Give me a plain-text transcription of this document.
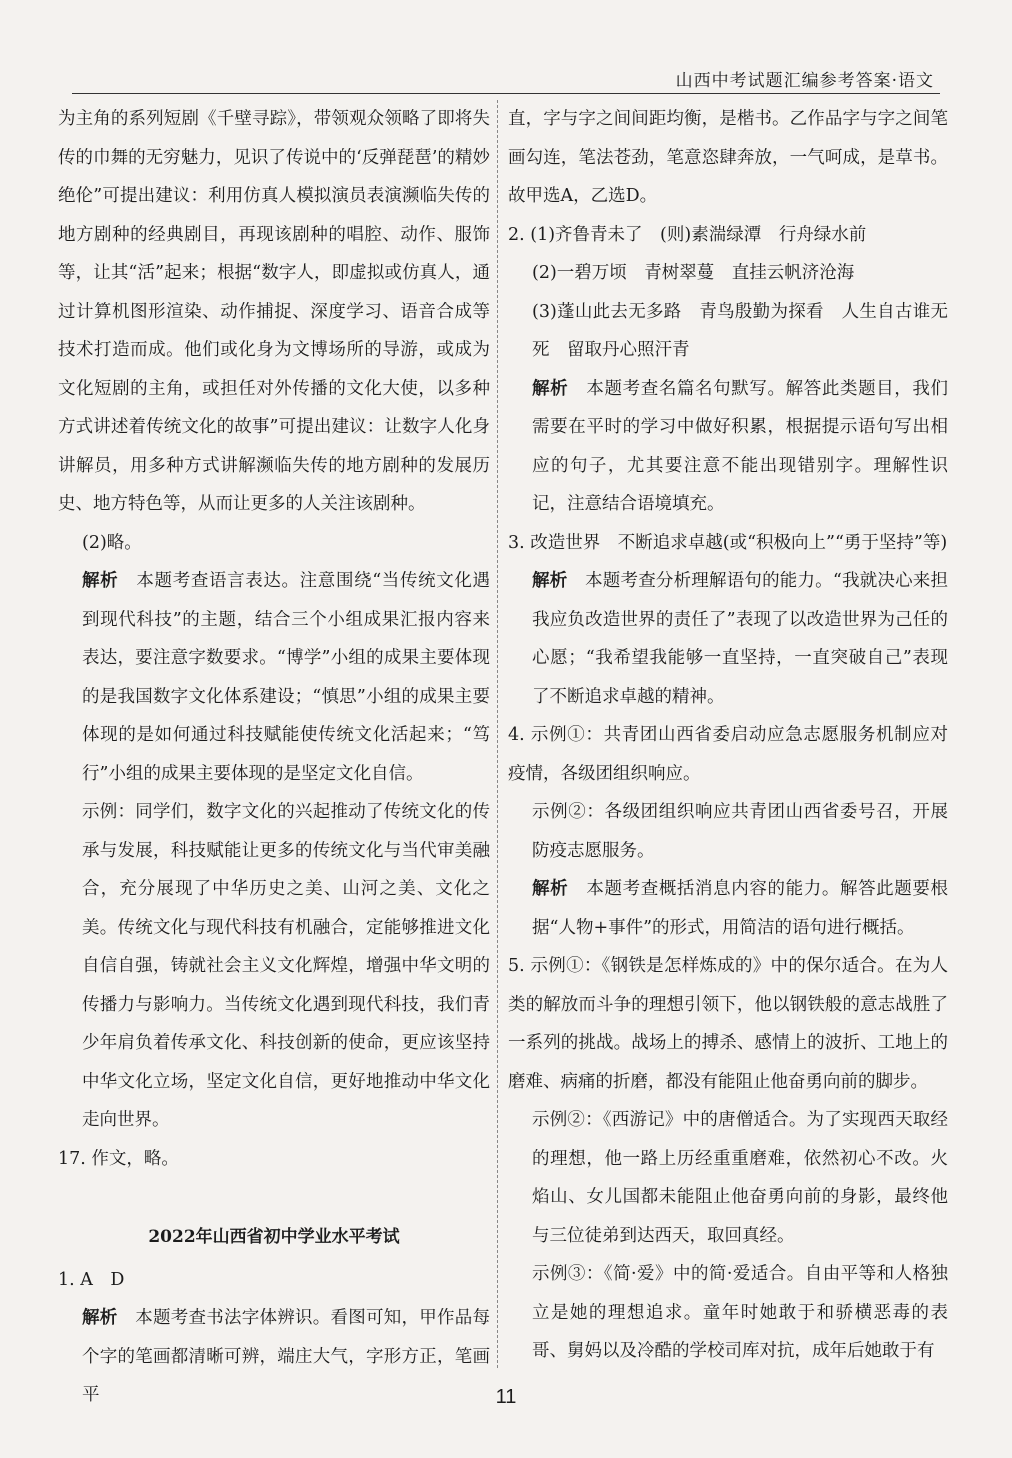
山西中考试题汇编参考答案·语文

为主角的系列短剧《千壁寻踪》，带领观众领略了即将失传的巾舞的无穷魅力，见识了传说中的‘反弹琵琶’的精妙绝伦”可提出建议：利用仿真人模拟演员表演濒临失传的地方剧种的经典剧目，再现该剧种的唱腔、动作、服饰等，让其“活”起来；根据“数字人，即虚拟或仿真人，通过计算机图形渲染、动作捕捉、深度学习、语音合成等技术打造而成。他们或化身为文博场所的导游，或成为文化短剧的主角，或担任对外传播的文化大使，以多种方式讲述着传统文化的故事”可提出建议：让数字人化身讲解员，用多种方式讲解濒临失传的地方剧种的发展历史、地方特色等，从而让更多的人关注该剧种。

(2)略。

解析　 本题考查语言表达。注意围绕“当传统文化遇到现代科技”的主题，结合三个小组成果汇报内容来表达，要注意字数要求。“博学”小组的成果主要体现的是我国数字文化体系建设；“慎思”小组的成果主要体现的是如何通过科技赋能使传统文化活起来；“笃行”小组的成果主要体现的是坚定文化自信。

示例：同学们，数字文化的兴起推动了传统文化的传承与发展，科技赋能让更多的传统文化与当代审美融合，充分展现了中华历史之美、山河之美、文化之美。传统文化与现代科技有机融合，定能够推进文化自信自强，铸就社会主义文化辉煌，增强中华文明的传播力与影响力。当传统文化遇到现代科技，我们青少年肩负着传承文化、科技创新的使命，更应该坚持中华文化立场，坚定文化自信，更好地推动中华文化走向世界。

17. 作文，略。

2022年山西省初中学业水平考试

1. A　D

解析　 本题考查书法字体辨识。看图可知，甲作品每个字的笔画都清晰可辨，端庄大气，字形方正，笔画平

直，字与字之间间距均衡，是楷书。乙作品字与字之间笔画勾连，笔法苍劲，笔意恣肆奔放，一气呵成，是草书。故甲选A，乙选D。

2. (1)齐鲁青未了　(则)素湍绿潭　行舟绿水前

(2)一碧万顷　青树翠蔓　直挂云帆济沧海

(3)蓬山此去无多路　青鸟殷勤为探看　人生自古谁无死　留取丹心照汗青

解析　 本题考查名篇名句默写。解答此类题目，我们需要在平时的学习中做好积累，根据提示语句写出相应的句子，尤其要注意不能出现错别字。理解性识记，注意结合语境填充。

3. 改造世界　不断追求卓越(或“积极向上”“勇于坚持”等)

解析　 本题考查分析理解语句的能力。“我就决心来担我应负改造世界的责任了”表现了以改造世界为己任的心愿；“我希望我能够一直坚持，一直突破自己”表现了不断追求卓越的精神。

4. 示例①：共青团山西省委启动应急志愿服务机制应对疫情，各级团组织响应。

示例②：各级团组织响应共青团山西省委号召，开展防疫志愿服务。

解析　 本题考查概括消息内容的能力。解答此题要根据“人物+事件”的形式，用简洁的语句进行概括。

5. 示例①：《钢铁是怎样炼成的》中的保尔适合。在为人类的解放而斗争的理想引领下，他以钢铁般的意志战胜了一系列的挑战。战场上的搏杀、感情上的波折、工地上的磨难、病痛的折磨，都没有能阻止他奋勇向前的脚步。

示例②：《西游记》中的唐僧适合。为了实现西天取经的理想，他一路上历经重重磨难，依然初心不改。火焰山、女儿国都未能阻止他奋勇向前的身影，最终他与三位徒弟到达西天，取回真经。

示例③：《简·爱》中的简·爱适合。自由平等和人格独立是她的理想追求。童年时她敢于和骄横恶毒的表哥、舅妈以及冷酷的学校司库对抗，成年后她敢于有

11
